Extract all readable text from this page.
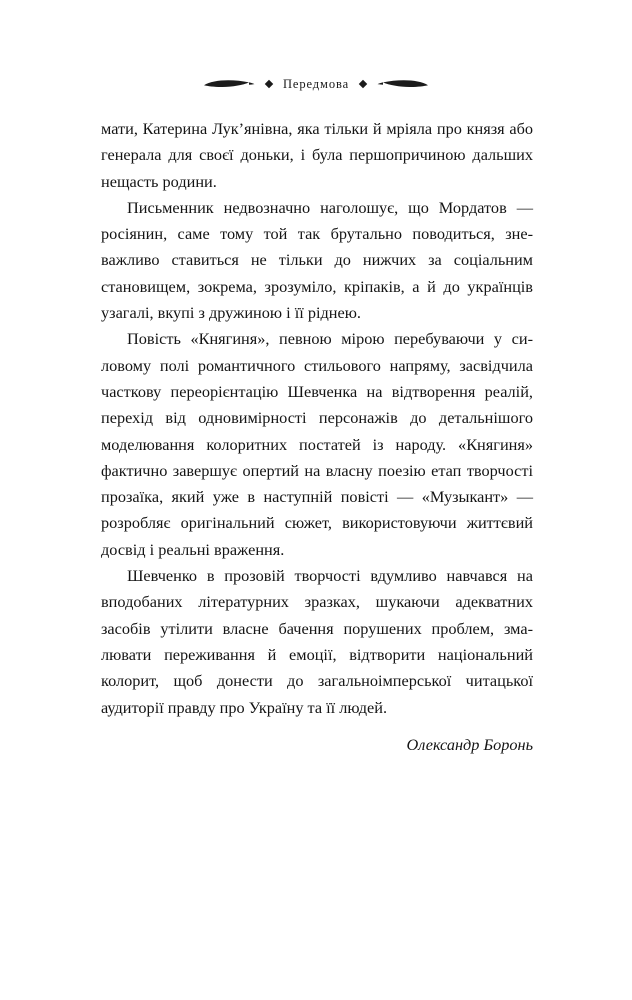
Передмова

мати, Катерина Лук’янівна, яка тільки й мріяла про князя або генерала для своєї доньки, і була першопричиною дальших нещасть родини.

Письменник недвозначно наголошує, що Мордатов — росіянин, саме тому той так брутально поводиться, зневажливо ставиться не тільки до нижчих за соціальним становищем, зокрема, зрозуміло, кріпаків, а й до українців узагалі, вкупі з дружиною і її ріднею.

Повість «Княгиня», певною мірою перебуваючи у силовому полі романтичного стильового напряму, засвідчила часткову переорієнтацію Шевченка на відтворення реалій, перехід від одновимірності персонажів до детальнішого моделювання колоритних постатей із народу. «Княгиня» фактично завершує опертий на власну поезію етап творчості прозаїка, який уже в наступній повісті — «Музыкант» — розробляє оригінальний сюжет, використовуючи життєвий досвід і реальні враження.

Шевченко в прозовій творчості вдумливо навчався на вподобаних літературних зразках, шукаючи адекватних засобів утілити власне бачення порушених проблем, змалювати переживання й емоції, відтворити національний колорит, щоб донести до загальноімперської читацької аудиторії правду про Україну та її людей.

Олександр Боронь
